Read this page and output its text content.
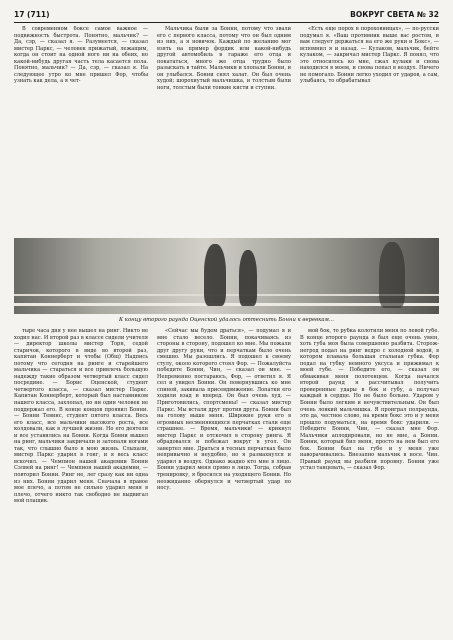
17 (711)	ВОКРУГ СВЕТА № 32

В современном боксе самое важное — подвижность быстрота. Понятно, мальчик? — Да, сэр, — сказал я. — Разумеется, — сказал мистер Паркс, — человек прижатый, лежащим, когда он стоит на одной ноге ни на обеих, но какой-нибудь другая часть тела касается пола. Понятно, мальчик? — Да, сэр, — сказал я. На следующее утро ко мне пришел Фор, чтобы узнать как дела, а я чет-

Мальчика были за Бонни, потому что звали его с первого класса, потому что он был одним из них, а я новичок. Каждый по желанию мог взять на пример фордик или какой-нибудь другой автомобиль в гараже его отца и покататься, много же отца трудно было разыскать в тайте. Мальчики и хлопали Бонни, и он улыбался. Бонни снял халат. Он был очень худой; шорохнутый мальчишка, и толстым были ноги, толстым были тонкие кисти и ступни.

«Есть еще порох в пороховницах», — по-русски подумал я. «Ваш противник выше вас ростом, и вам следует держаться на его же руки и Бокс», — вспомнил я и назад. — Кулаком, мальчик, бейте кулаком, — закричал мистер Паркс. Я понял, что это относилось ко мне, сжал кулаки и снова находился в моем, и снова попал в воздух. Ничего не помогало. Бонни легко уходил от ударов, а сам, улыбаясь, то обрабатывал

К концу второго раунда Оценской удалось оттеснить Бонни к веревкам...

тыре часа дня у нее вышел на ринг. Никто не ходил нас. И второй раз в классе сидели учителя — директор школы мистер Торн, седой старичок, которого в виде во второй раз, капитан Коннерберт и чтобы (Общ) Надпись потому что сегодня на ринге и старейшего мальчика — стараться и все привлечь большую надежду такие образом четвертый класс сидел посредине. — Борис Оценской, студент четвертого класса, — сказал мистер Паркс. Капитан Коннерберт, который был наставником нашего класса, захлопал, но ни один человек не поддержал его. В конце концов проявил Бонни. — Бонни Тевинс, студент пятого класса. Весь его класс, все мальчики высокого роста, все колдовали, как в лучшей жизни. Но его деятели и все уставились на Бонни. Когда Бонни вышел на ринг, мальчики закричали и затопали ногами так, что слышно было в мою жизнь. Слыхали, мистер Паркс ударил в гонг, и я весь класс вскочил. — Чемпион нашей академии Бонни Сэлвей на ринг! — Чемпион нашей академии, — повторил Бонни. Ринг не, лег сразу как ни одна из них. Бонни ударил меня. Сначала в правое мое плечо, а потом не сильно ударил меня в плечо, отчего никто так свободно не выдвигал мой плащик.

«Сейчас мы будем драться», — подумал я и мне стало весело. Бонни, покачиваясь из стороны в сторону, подошел ко мне. Мы пожали друг другу руки, что и перчаткам было очень смешно. Мы разошлись. Я подошел к своему стулу, около которого стоял Фор. — Пожалуйста победите Бонни, Чин, — сказал он мне. — Непременно постараюсь, Фор, — ответил я. Я сел и увидел Бонни. Он повернувшись ко мне спиной, закивала присевдвижение. Лопатки его ходили взад и вперед. Он был очень худ. — Приготовились, спортсмены! — сказал мистер Паркс. Мы встали друг против друга. Бонни был на голову выше меня. Широкие руки его в огромных несменяющихся перчатках стали еще страшнее. — Время, мальчики! — крикнул мистер Паркс и отскочил в сторону ринга. Я обрадовался и побежал вокруг в угол. Он завертел мне. Драться в тесных перчатках было непривычно и неудобно, но я размахнулся и ударил в воздух. Однако жадно кто мне в лицо. Бонни ударил меня прямо в лицо. Тогда, собрав тренировку, я бросился на уходящего Бонни. Но неожиданно обернулся и четвертый удар по носу.

мой бок, то рубка колотили меня по левой губе. В конце второго раунда я был еще очень умен, хоть губа моя была совершенно разбита. Сторож-негрод подал на ринг ведро с холодной водой, в котором плавала большая стальная губка. Фор подал на губку немного уксуса и прижимал к моей губе. — Победите его, — сказал он обмакивая меня полотенцем. Когда начался второй раунд я рассчитывал получить проверенные удары в бок и губу, а получал каждый в сердце. Но не было больно. Ударом у Бонни было легким и нечувствительным. Он был очень ловкий мальчишка. Я проиграл полраунда, это да, честное слово, на время бокс это и у меня прошло подуматься, на время бокс ударили. — Победите Бонни, Чин, — сказал мне Фор. Мальчики аплодировали, но не мне, а Бонни. Бонни, который бил меня, просто на нем был его бок. Бонни был на губе и у меня уже наворачивались. Внезапно мальчик в носе. Чин. Правый раунд вы разбили поровну. Бонни уже устал танцевать, — сказал Фор.
